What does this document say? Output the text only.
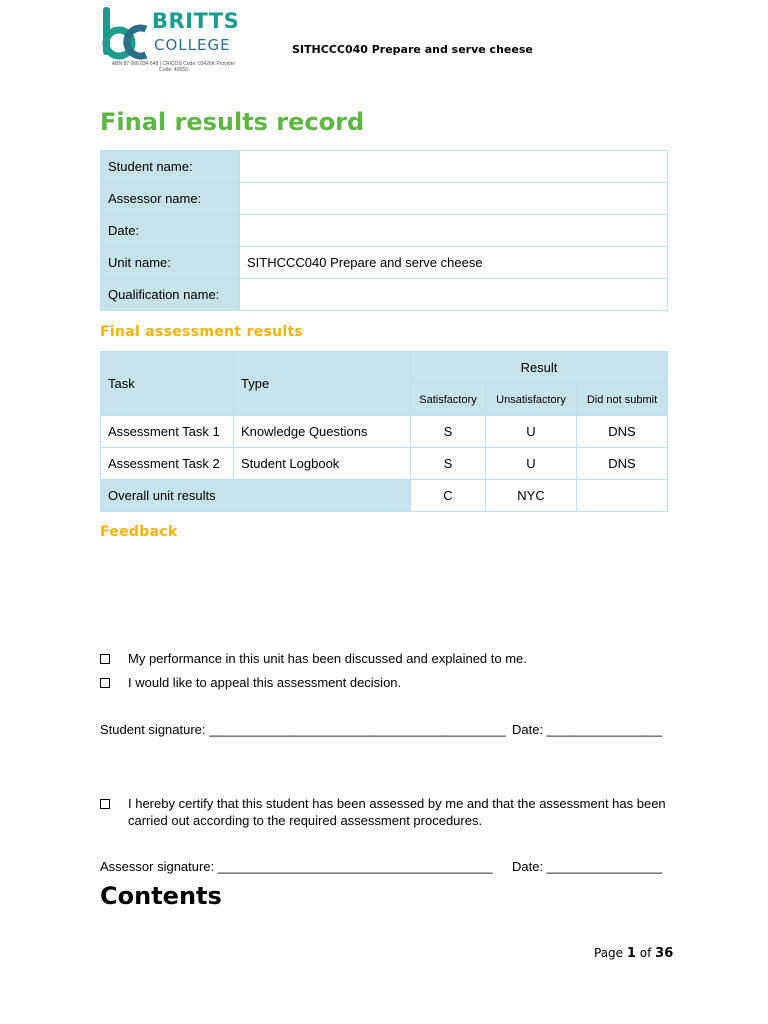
BRITTS
COLLEGE
ABN 87 066 834 648 | CRICOS Code: 03426K Provider Code: 40550
SITHCCC040 Prepare and serve cheese
Final results record
Student name:	
Assessor name:	
Date:	
Unit name:	SITHCCC040 Prepare and serve cheese
Qualification name:	
Final assessment results
Task	Type	Result		
		Satisfactory	Unsatisfactory	Did not submit
Assessment Task 1	Knowledge Questions	S	U	DNS
Assessment Task 2	Student Logbook	S	U	DNS
Overall unit results		C	NYC	
Feedback
My performance in this unit has been discussed and explained to me.
I would like to appeal this assessment decision.
Student signature: _________________________________________ Date: ________________
I hereby certify that this student has been assessed by me and that the assessment has been carried out according to the required assessment procedures.
Assessor signature: ______________________________________ Date: ________________
Contents
Page 1 of 36
